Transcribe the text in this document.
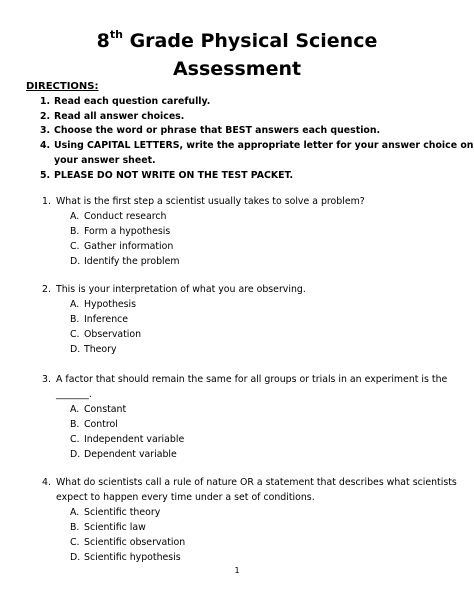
8th Grade Physical Science
Assessment
DIRECTIONS:
1. Read each question carefully.
2. Read all answer choices.
3. Choose the word or phrase that BEST answers each question.
4. Using CAPITAL LETTERS, write the appropriate letter for your answer choice on
your answer sheet.
5. PLEASE DO NOT WRITE ON THE TEST PACKET.
1. What is the first step a scientist usually takes to solve a problem?
A. Conduct research
B. Form a hypothesis
C. Gather information
D. Identify the problem
2. This is your interpretation of what you are observing.
A. Hypothesis
B. Inference
C. Observation
D. Theory
3. A factor that should remain the same for all groups or trials in an experiment is the
_______.
A. Constant
B. Control
C. Independent variable
D. Dependent variable
4. What do scientists call a rule of nature OR a statement that describes what scientists
expect to happen every time under a set of conditions.
A. Scientific theory
B. Scientific law
C. Scientific observation
D. Scientific hypothesis
1
